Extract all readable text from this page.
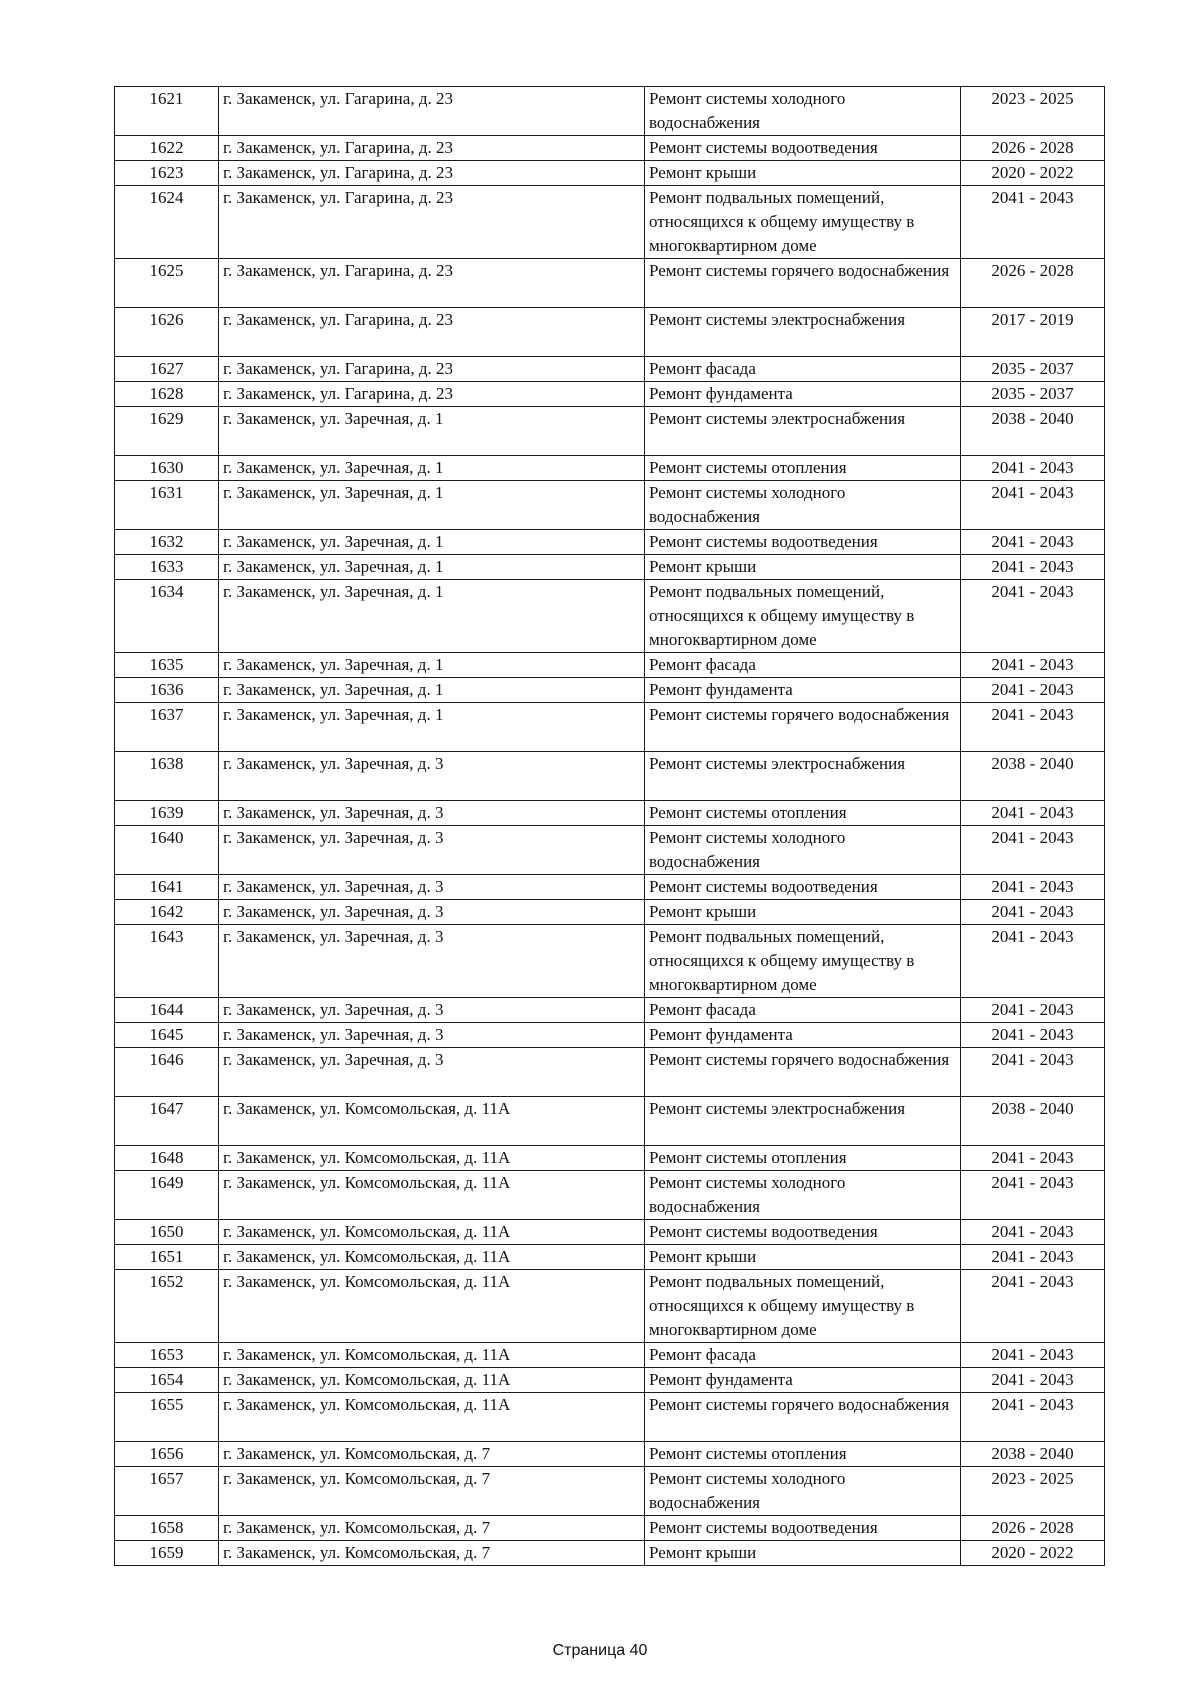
1621	г. Закаменск, ул. Гагарина, д. 23	Ремонт системы холодного водоснабжения	2023 - 2025
1622	г. Закаменск, ул. Гагарина, д. 23	Ремонт системы водоотведения	2026 - 2028
1623	г. Закаменск, ул. Гагарина, д. 23	Ремонт крыши	2020 - 2022
1624	г. Закаменск, ул. Гагарина, д. 23	Ремонт подвальных помещений, относящихся к общему имуществу в многоквартирном доме	2041 - 2043
1625	г. Закаменск, ул. Гагарина, д. 23	Ремонт системы горячего водоснабжения	2026 - 2028
1626	г. Закаменск, ул. Гагарина, д. 23	Ремонт системы электроснабжения	2017 - 2019
1627	г. Закаменск, ул. Гагарина, д. 23	Ремонт фасада	2035 - 2037
1628	г. Закаменск, ул. Гагарина, д. 23	Ремонт фундамента	2035 - 2037
1629	г. Закаменск, ул. Заречная, д. 1	Ремонт системы электроснабжения	2038 - 2040
1630	г. Закаменск, ул. Заречная, д. 1	Ремонт системы отопления	2041 - 2043
1631	г. Закаменск, ул. Заречная, д. 1	Ремонт системы холодного водоснабжения	2041 - 2043
1632	г. Закаменск, ул. Заречная, д. 1	Ремонт системы водоотведения	2041 - 2043
1633	г. Закаменск, ул. Заречная, д. 1	Ремонт крыши	2041 - 2043
1634	г. Закаменск, ул. Заречная, д. 1	Ремонт подвальных помещений, относящихся к общему имуществу в многоквартирном доме	2041 - 2043
1635	г. Закаменск, ул. Заречная, д. 1	Ремонт фасада	2041 - 2043
1636	г. Закаменск, ул. Заречная, д. 1	Ремонт фундамента	2041 - 2043
1637	г. Закаменск, ул. Заречная, д. 1	Ремонт системы горячего водоснабжения	2041 - 2043
1638	г. Закаменск, ул. Заречная, д. 3	Ремонт системы электроснабжения	2038 - 2040
1639	г. Закаменск, ул. Заречная, д. 3	Ремонт системы отопления	2041 - 2043
1640	г. Закаменск, ул. Заречная, д. 3	Ремонт системы холодного водоснабжения	2041 - 2043
1641	г. Закаменск, ул. Заречная, д. 3	Ремонт системы водоотведения	2041 - 2043
1642	г. Закаменск, ул. Заречная, д. 3	Ремонт крыши	2041 - 2043
1643	г. Закаменск, ул. Заречная, д. 3	Ремонт подвальных помещений, относящихся к общему имуществу в многоквартирном доме	2041 - 2043
1644	г. Закаменск, ул. Заречная, д. 3	Ремонт фасада	2041 - 2043
1645	г. Закаменск, ул. Заречная, д. 3	Ремонт фундамента	2041 - 2043
1646	г. Закаменск, ул. Заречная, д. 3	Ремонт системы горячего водоснабжения	2041 - 2043
1647	г. Закаменск, ул. Комсомольская, д. 11А	Ремонт системы электроснабжения	2038 - 2040
1648	г. Закаменск, ул. Комсомольская, д. 11А	Ремонт системы отопления	2041 - 2043
1649	г. Закаменск, ул. Комсомольская, д. 11А	Ремонт системы холодного водоснабжения	2041 - 2043
1650	г. Закаменск, ул. Комсомольская, д. 11А	Ремонт системы водоотведения	2041 - 2043
1651	г. Закаменск, ул. Комсомольская, д. 11А	Ремонт крыши	2041 - 2043
1652	г. Закаменск, ул. Комсомольская, д. 11А	Ремонт подвальных помещений, относящихся к общему имуществу в многоквартирном доме	2041 - 2043
1653	г. Закаменск, ул. Комсомольская, д. 11А	Ремонт фасада	2041 - 2043
1654	г. Закаменск, ул. Комсомольская, д. 11А	Ремонт фундамента	2041 - 2043
1655	г. Закаменск, ул. Комсомольская, д. 11А	Ремонт системы горячего водоснабжения	2041 - 2043
1656	г. Закаменск, ул. Комсомольская, д. 7	Ремонт системы отопления	2038 - 2040
1657	г. Закаменск, ул. Комсомольская, д. 7	Ремонт системы холодного водоснабжения	2023 - 2025
1658	г. Закаменск, ул. Комсомольская, д. 7	Ремонт системы водоотведения	2026 - 2028
1659	г. Закаменск, ул. Комсомольская, д. 7	Ремонт крыши	2020 - 2022
Страница 40
